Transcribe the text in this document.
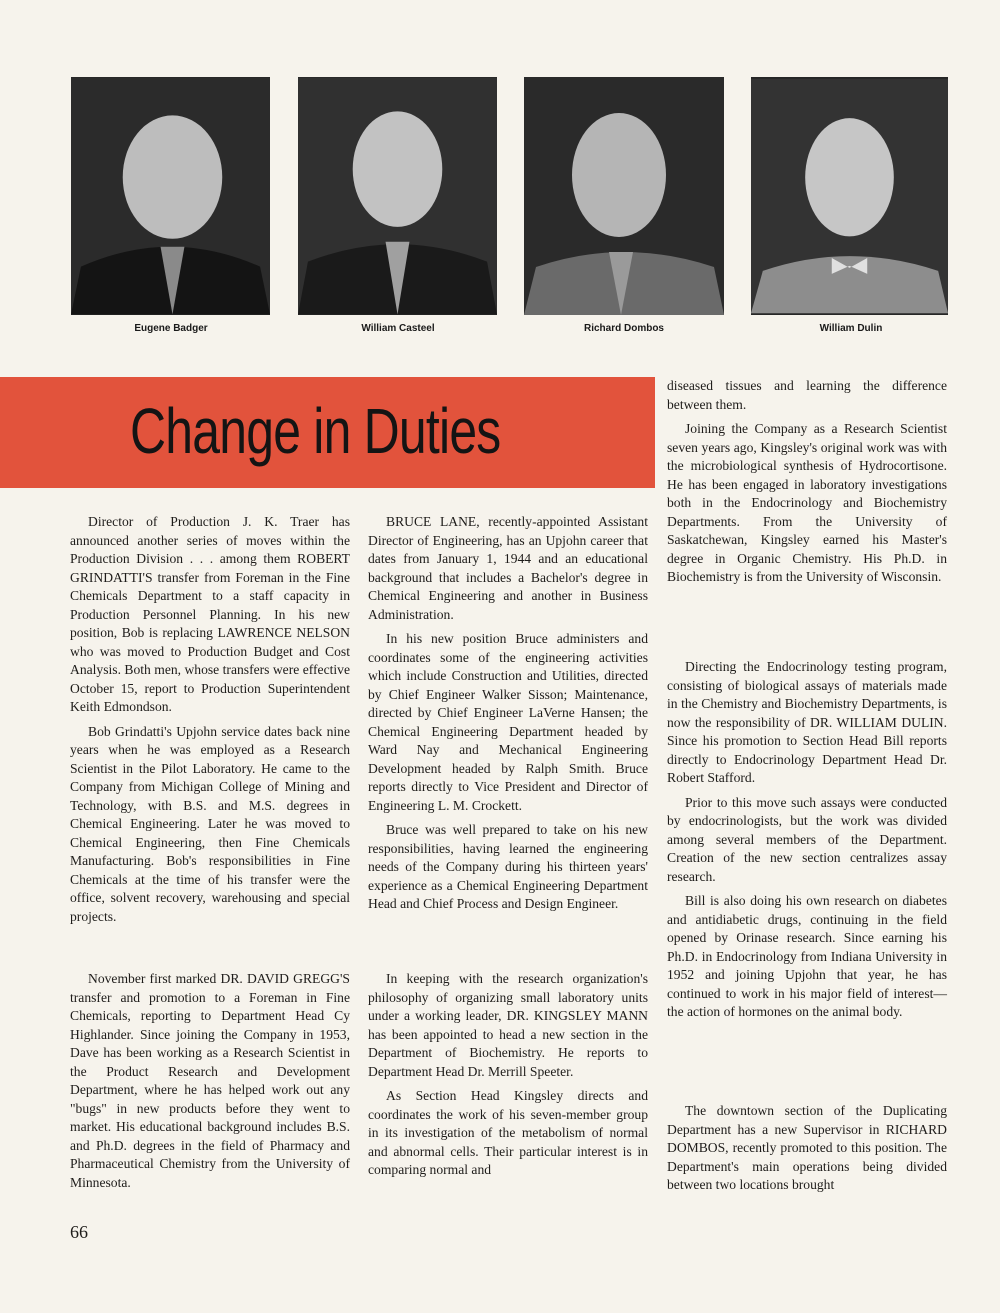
Eugene Badger	William Casteel	Richard Dombos	William Dulin
Change in Duties

Director of Production J. K. Traer has announced another series of moves within the Production Division . . . among them ROBERT GRINDATTI'S transfer from Foreman in the Fine Chemicals Department to a staff capacity in Production Personnel Planning. In his new position, Bob is replacing LAWRENCE NELSON who was moved to Production Budget and Cost Analysis. Both men, whose transfers were effective October 15, report to Production Superintendent Keith Edmondson.

Bob Grindatti's Upjohn service dates back nine years when he was employed as a Research Scientist in the Pilot Laboratory. He came to the Company from Michigan College of Mining and Technology, with B.S. and M.S. degrees in Chemical Engineering. Later he was moved to Chemical Engineering, then Fine Chemicals Manufacturing. Bob's responsibilities in Fine Chemicals at the time of his transfer were the office, solvent recovery, warehousing and special projects.

November first marked DR. DAVID GREGG'S transfer and promotion to a Foreman in Fine Chemicals, reporting to Department Head Cy Highlander. Since joining the Company in 1953, Dave has been working as a Research Scientist in the Product Research and Development Department, where he has helped work out any "bugs" in new products before they went to market. His educational background includes B.S. and Ph.D. degrees in the field of Pharmacy and Pharmaceutical Chemistry from the University of Minnesota.

BRUCE LANE, recently-appointed Assistant Director of Engineering, has an Upjohn career that dates from January 1, 1944 and an educational background that includes a Bachelor's degree in Chemical Engineering and another in Business Administration.

In his new position Bruce administers and coordinates some of the engineering activities which include Construction and Utilities, directed by Chief Engineer Walker Sisson; Maintenance, directed by Chief Engineer LaVerne Hansen; the Chemical Engineering Department headed by Ward Nay and Mechanical Engineering Development headed by Ralph Smith. Bruce reports directly to Vice President and Director of Engineering L. M. Crockett.

Bruce was well prepared to take on his new responsibilities, having learned the engineering needs of the Company during his thirteen years' experience as a Chemical Engineering Department Head and Chief Process and Design Engineer.

In keeping with the research organization's philosophy of organizing small laboratory units under a working leader, DR. KINGSLEY MANN has been appointed to head a new section in the Department of Biochemistry. He reports to Department Head Dr. Merrill Speeter.

As Section Head Kingsley directs and coordinates the work of his seven-member group in its investigation of the metabolism of normal and abnormal cells. Their particular interest is in comparing normal and

diseased tissues and learning the difference between them.

Joining the Company as a Research Scientist seven years ago, Kingsley's original work was with the microbiological synthesis of Hydrocortisone. He has been engaged in laboratory investigations both in the Endocrinology and Biochemistry Departments. From the University of Saskatchewan, Kingsley earned his Master's degree in Organic Chemistry. His Ph.D. in Biochemistry is from the University of Wisconsin.

Directing the Endocrinology testing program, consisting of biological assays of materials made in the Chemistry and Biochemistry Departments, is now the responsibility of DR. WILLIAM DULIN. Since his promotion to Section Head Bill reports directly to Endocrinology Department Head Dr. Robert Stafford.

Prior to this move such assays were conducted by endocrinologists, but the work was divided among several members of the Department. Creation of the new section centralizes assay research.

Bill is also doing his own research on diabetes and antidiabetic drugs, continuing in the field opened by Orinase research. Since earning his Ph.D. in Endocrinology from Indiana University in 1952 and joining Upjohn that year, he has continued to work in his major field of interest—the action of hormones on the animal body.

The downtown section of the Duplicating Department has a new Supervisor in RICHARD DOMBOS, recently promoted to this position. The Department's main operations being divided between two locations brought

66
